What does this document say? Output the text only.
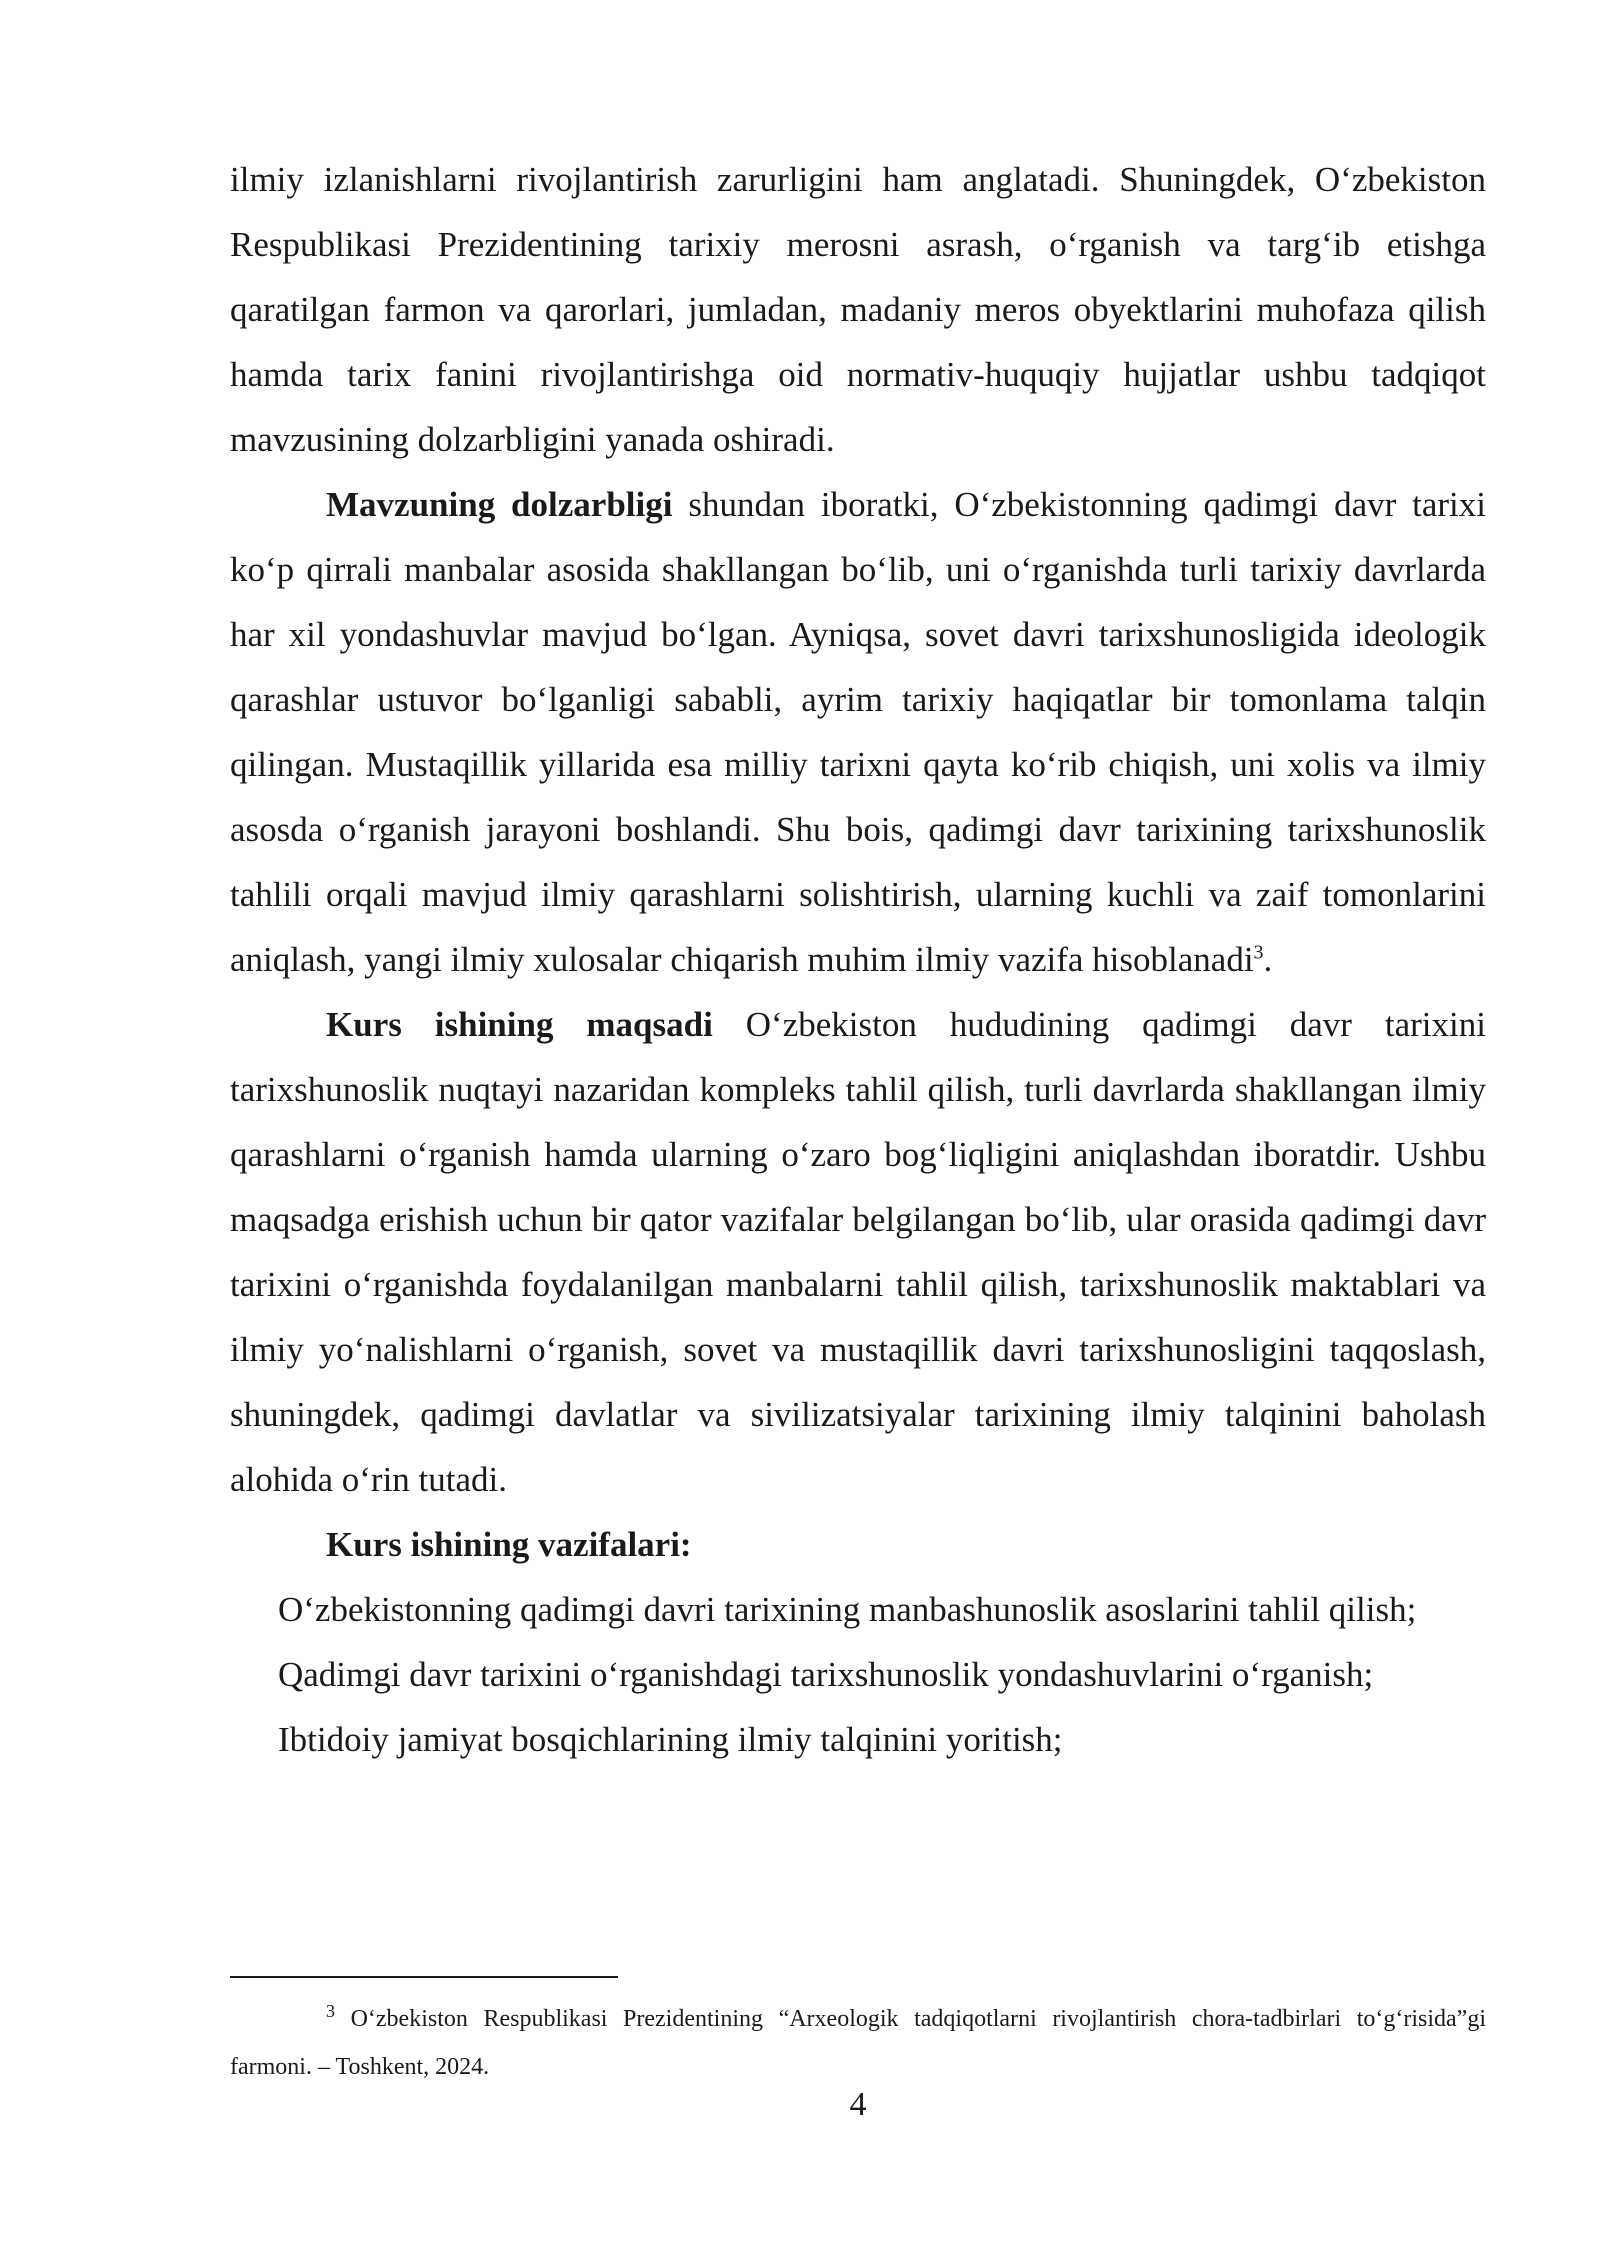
ilmiy izlanishlarni rivojlantirish zarurligini ham anglatadi. Shuningdek, O‘zbekiston Respublikasi Prezidentining tarixiy merosni asrash, o‘rganish va targ‘ib etishga qaratilgan farmon va qarorlari, jumladan, madaniy meros obyektlarini muhofaza qilish hamda tarix fanini rivojlantirishga oid normativ-huquqiy hujjatlar ushbu tadqiqot mavzusining dolzarbligini yanada oshiradi.

Mavzuning dolzarbligi shundan iboratki, O‘zbekistonning qadimgi davr tarixi ko‘p qirrali manbalar asosida shakllangan bo‘lib, uni o‘rganishda turli tarixiy davrlarda har xil yondashuvlar mavjud bo‘lgan. Ayniqsa, sovet davri tarixshunosligida ideologik qarashlar ustuvor bo‘lganligi sababli, ayrim tarixiy haqiqatlar bir tomonlama talqin qilingan. Mustaqillik yillarida esa milliy tarixni qayta ko‘rib chiqish, uni xolis va ilmiy asosda o‘rganish jarayoni boshlandi. Shu bois, qadimgi davr tarixining tarixshunoslik tahlili orqali mavjud ilmiy qarashlarni solishtirish, ularning kuchli va zaif tomonlarini aniqlash, yangi ilmiy xulosalar chiqarish muhim ilmiy vazifa hisoblanadi$^3$.

Kurs ishining maqsadi O‘zbekiston hududining qadimgi davr tarixini tarixshunoslik nuqtayi nazaridan kompleks tahlil qilish, turli davrlarda shakllangan ilmiy qarashlarni o‘rganish hamda ularning o‘zaro bog‘liqligini aniqlashdan iboratdir. Ushbu maqsadga erishish uchun bir qator vazifalar belgilangan bo‘lib, ular orasida qadimgi davr tarixini o‘rganishda foydalanilgan manbalarni tahlil qilish, tarixshunoslik maktablari va ilmiy yo‘nalishlarni o‘rganish, sovet va mustaqillik davri tarixshunosligini taqqoslash, shuningdek, qadimgi davlatlar va sivilizatsiyalar tarixining ilmiy talqinini baholash alohida o‘rin tutadi.

Kurs ishining vazifalari:

O‘zbekistonning qadimgi davri tarixining manbashunoslik asoslarini tahlil qilish;

Qadimgi davr tarixini o‘rganishdagi tarixshunoslik yondashuvlarini o‘rganish;

Ibtidoiy jamiyat bosqichlarining ilmiy talqinini yoritish;

$^3$ O‘zbekiston Respublikasi Prezidentining “Arxeologik tadqiqotlarni rivojlantirish chora-tadbirlari to‘g‘risida”gi farmoni. – Toshkent, 2024.

4
